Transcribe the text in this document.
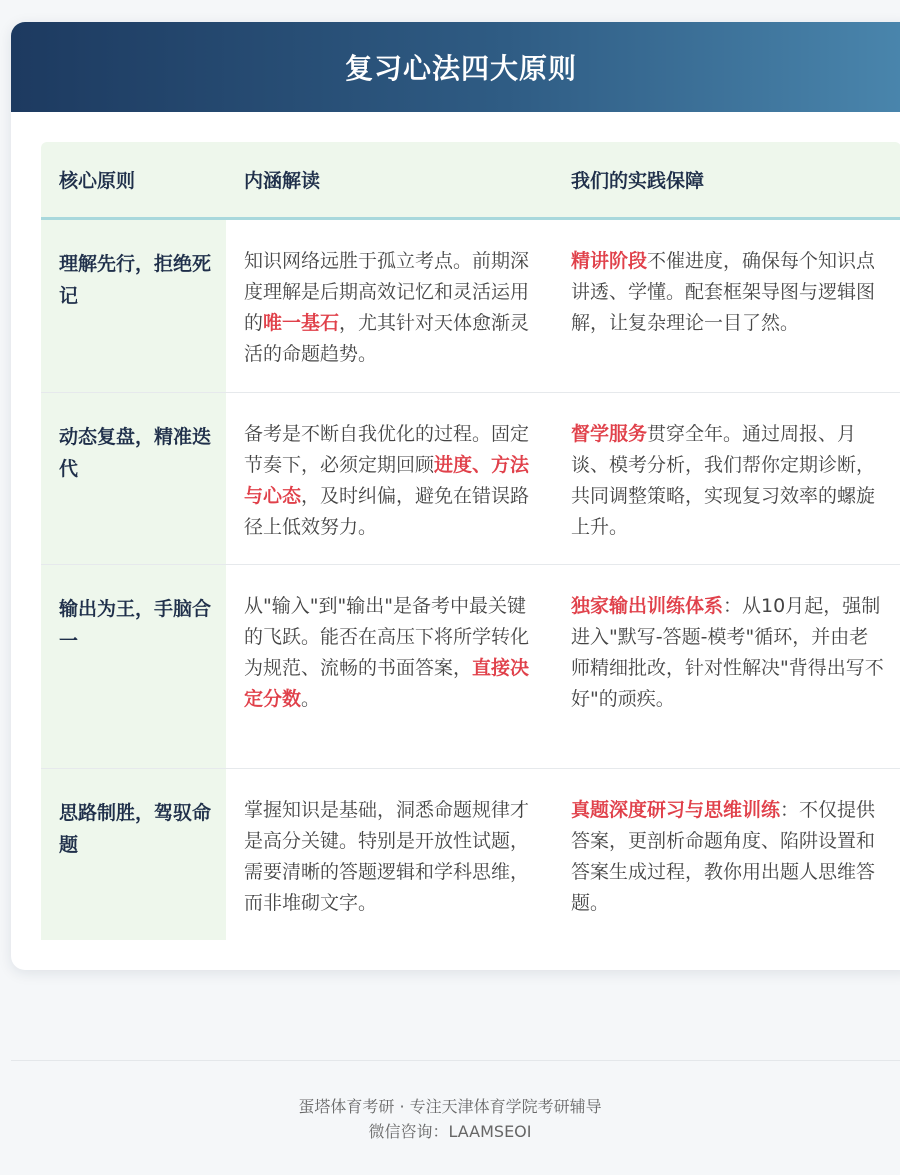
复习心法四大原则
核心原则	内涵解读	我们的实践保障
理解先行，拒绝死记
知识网络远胜于孤立考点。前期深度理解是后期高效记忆和灵活运用的唯一基石，尤其针对天体愈渐灵活的命题趋势。
精讲阶段不催进度，确保每个知识点讲透、学懂。配套框架导图与逻辑图解，让复杂理论一目了然。
动态复盘，精准迭代
备考是不断自我优化的过程。固定节奏下，必须定期回顾进度、方法与心态，及时纠偏，避免在错误路径上低效努力。
督学服务贯穿全年。通过周报、月谈、模考分析，我们帮你定期诊断，共同调整策略，实现复习效率的螺旋上升。
输出为王，手脑合一
从"输入"到"输出"是备考中最关键的飞跃。能否在高压下将所学转化为规范、流畅的书面答案，直接决定分数。
独家输出训练体系：从10月起，强制进入"默写-答题-模考"循环，并由老师精细批改，针对性解决"背得出写不好"的顽疾。
思路制胜，驾驭命题
掌握知识是基础，洞悉命题规律才是高分关键。特别是开放性试题，需要清晰的答题逻辑和学科思维，而非堆砌文字。
真题深度研习与思维训练：不仅提供答案，更剖析命题角度、陷阱设置和答案生成过程，教你用出题人思维答题。
蛋塔体育考研 · 专注天津体育学院考研辅导
微信咨询：LAAMSEOI
